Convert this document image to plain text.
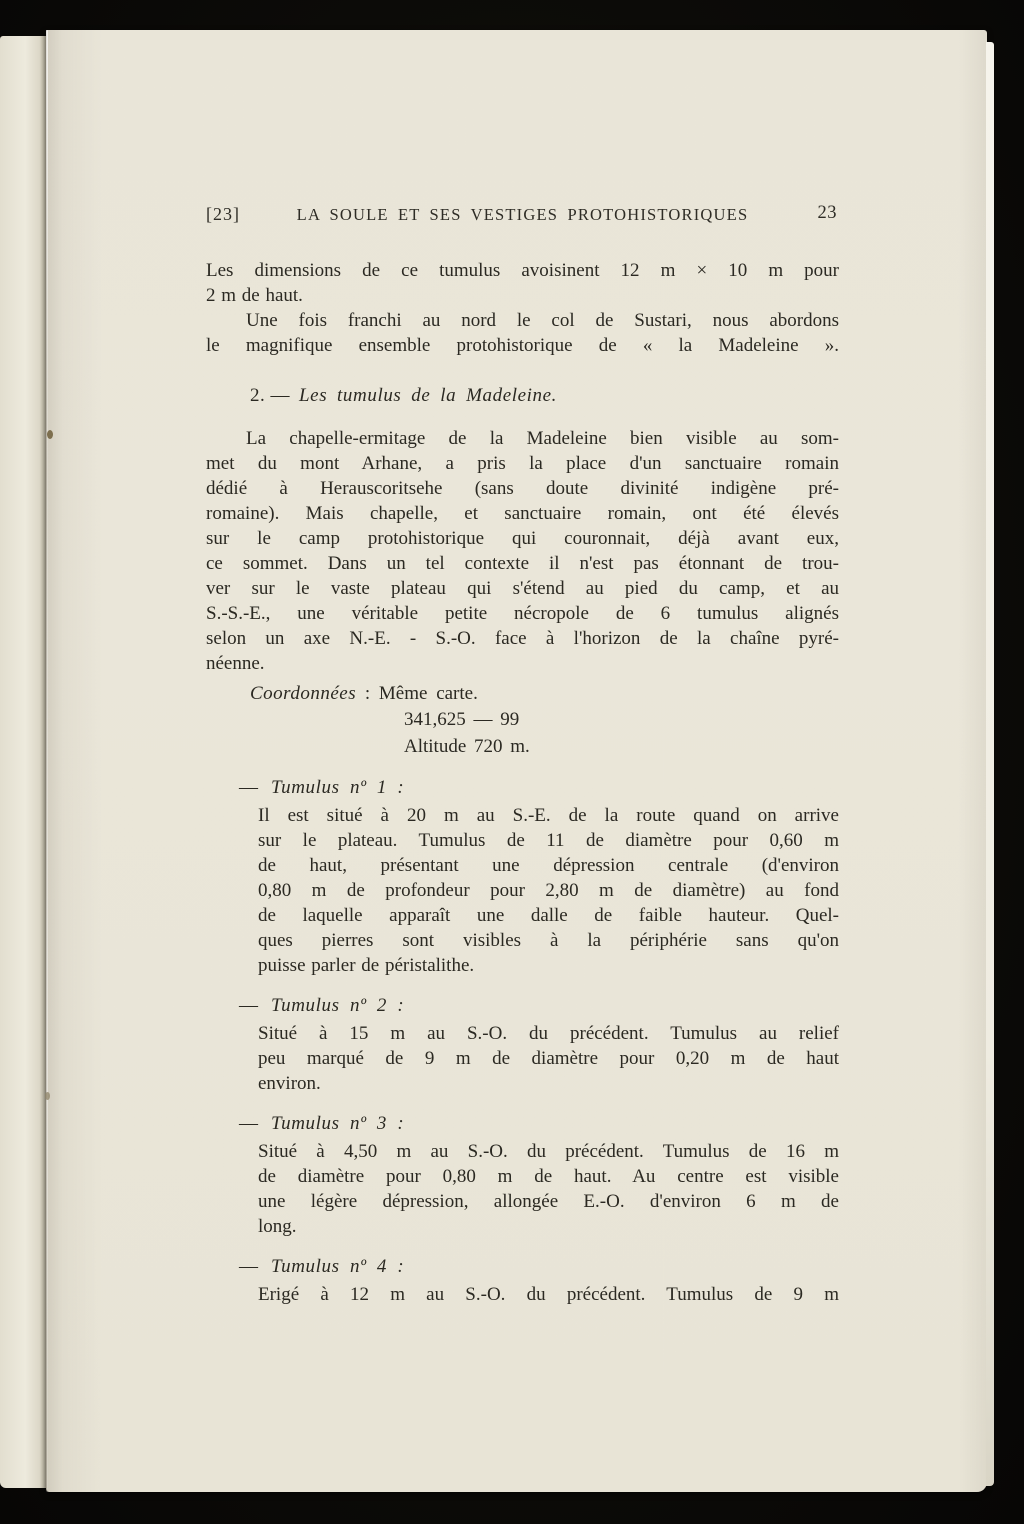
[23]	LA SOULE ET SES VESTIGES PROTOHISTORIQUES	23
Les dimensions de ce tumulus avoisinent 12 m × 10 m pour
2 m de haut.
Une fois franchi au nord le col de Sustari, nous abordons
le magnifique ensemble protohistorique de « la Madeleine ».
2. — Les tumulus de la Madeleine.
La chapelle-ermitage de la Madeleine bien visible au som-
met du mont Arhane, a pris la place d'un sanctuaire romain
dédié à Herauscoritsehe (sans doute divinité indigène pré-
romaine). Mais chapelle, et sanctuaire romain, ont été élevés
sur le camp protohistorique qui couronnait, déjà avant eux,
ce sommet. Dans un tel contexte il n'est pas étonnant de trou-
ver sur le vaste plateau qui s'étend au pied du camp, et au
S.-S.-E., une véritable petite nécropole de 6 tumulus alignés
selon un axe N.-E. - S.-O. face à l'horizon de la chaîne pyré-
néenne.
Coordonnées : Même carte.
341,625 — 99
Altitude 720 m.
— Tumulus nº 1 :
Il est situé à 20 m au S.-E. de la route quand on arrive
sur le plateau. Tumulus de 11 de diamètre pour 0,60 m
de haut, présentant une dépression centrale (d'environ
0,80 m de profondeur pour 2,80 m de diamètre) au fond
de laquelle apparaît une dalle de faible hauteur. Quel-
ques pierres sont visibles à la périphérie sans qu'on
puisse parler de péristalithe.
— Tumulus nº 2 :
Situé à 15 m au S.-O. du précédent. Tumulus au relief
peu marqué de 9 m de diamètre pour 0,20 m de haut
environ.
— Tumulus nº 3 :
Situé à 4,50 m au S.-O. du précédent. Tumulus de 16 m
de diamètre pour 0,80 m de haut. Au centre est visible
une légère dépression, allongée E.-O. d'environ 6 m de
long.
— Tumulus nº 4 :
Erigé à 12 m au S.-O. du précédent. Tumulus de 9 m
